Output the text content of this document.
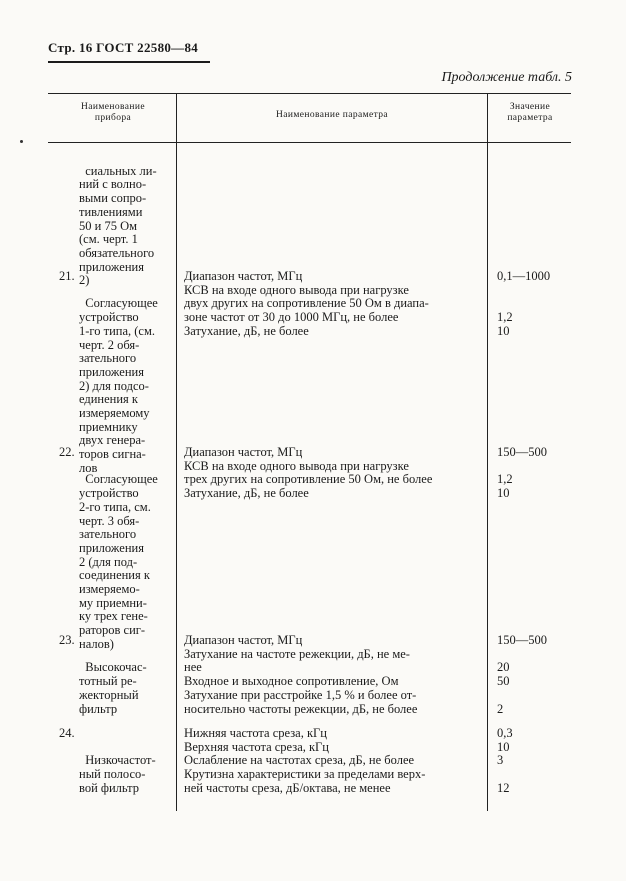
Стр. 16 ГОСТ 22580—84
Продолжение табл. 5
Наименование
прибора	Наименование параметра
Значение
параметра

сиальных ли-
ний с волно-
выми сопро-
тивлениями
50 и 75 Ом
(см. черт. 1
обязательного
приложения
2)

21.

Согласующее
устройство
1-го типа, (см.
черт. 2 обя-
зательного
приложения
2) для подсо-
единения к
измеряемому
приемнику
двух генера-
торов сигна-
лов

Диапазон частот, МГц
КСВ на входе одного вывода при нагрузке
двух других на сопротивление 50 Ом в диапа-
зоне частот от 30 до 1000 МГц, не более
Затухание, дБ, не более
0,1—1000

1,2
10

22.

Согласующее
устройство
2-го типа, см.
черт. 3 обя-
зательного
приложения
2 (для под-
соединения к
измеряемо-
му приемни-
ку трех гене-
раторов сиг-
налов)

Диапазон частот, МГц
КСВ на входе одного вывода при нагрузке
трех других на сопротивление 50 Ом, не более
Затухание, дБ, не более
150—500

1,2
10

23.

Высокочас-
тотный ре-
жекторный
фильтр

Диапазон частот, МГц
Затухание на частоте режекции, дБ, не ме-
нее
Входное и выходное сопротивление, Ом
Затухание при расстройке 1,5 % и более от-
носительно частоты режекции, дБ, не более
150—500

20
50

2

24.

Низкочастот-
ный полосо-
вой фильтр

Нижняя частота среза, кГц
Верхняя частота среза, кГц
Ослабление на частотах среза, дБ, не более
Крутизна характеристики за пределами верх-
ней частоты среза, дБ/октава, не менее
0,3
10
3

12
